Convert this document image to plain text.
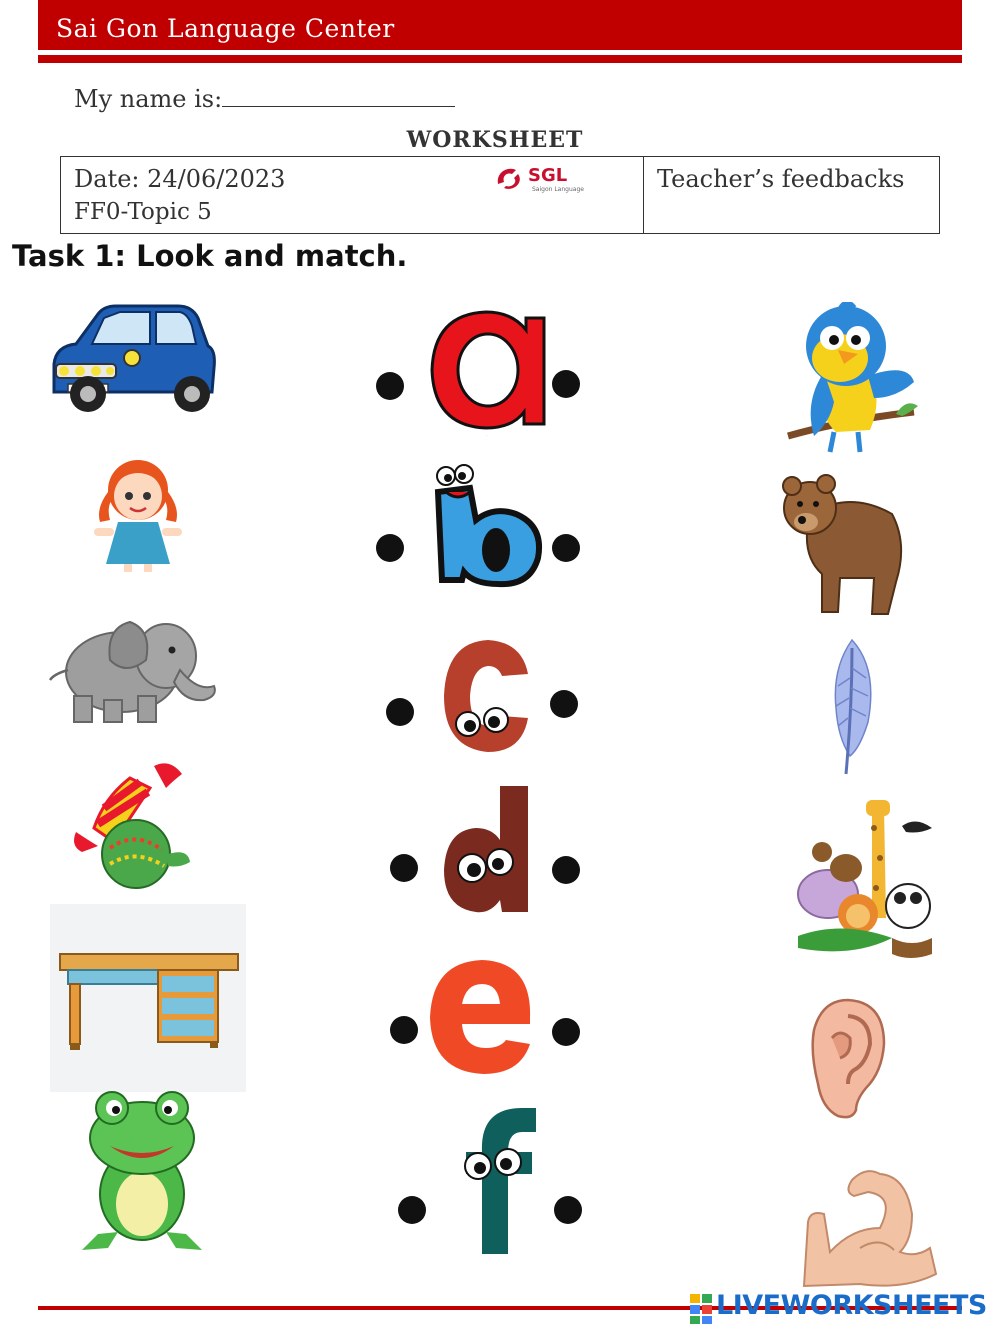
Sai Gon Language Center
My name is:
WORKSHEET
Date: 24/06/2023
FF0-Topic 5
SGL
Saigon Language	Teacher’s feedbacks
Task 1: Look and match.
a
b
c
d
e
f
LIVEWORKSHEETS
